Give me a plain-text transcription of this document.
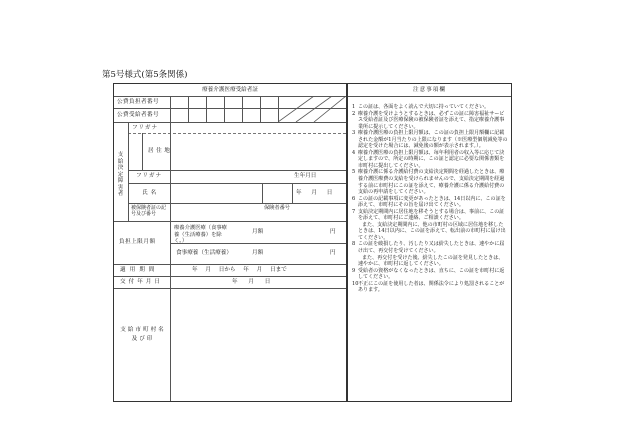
第5号様式(第5条関係)
療養介護医療受給者証
公費負担者番号
公費受給者番号
支給決定障害者
フリガナ
居住地
フリガナ	生年月日
氏名	年 月 日
被保険者証の記号及び番号
保険者番号
負担上限月額
療養介護医療（食事療養（生活療養）を除く。）
月額	円
食事療養（生活療養）	月額	円
適用期間	年 月 日から 年 月 日まで
交付年月日	年 月 日
支給市町村名及び印
注意事項欄

1 この証は、各面をよく読んで大切に持っていてください。

2 療養介護を受けようとするときは、必ずこの証に障害福祉サービス受給者証及び医療保険の被保険者証を添えて、指定療養介護事業所に提示してください。

3 療養介護医療の負担上限月額は、この証の負担上限月額欄に記載された金額が1月当たりの上限になります（※医療型個別減免等の認定を受けた場合には、減免後の額が表示されます。）。

4 療養介護医療の負担上限月額は、毎年利用者の収入等に応じて決定しますので、所定の時期に、この証と認定に必要な関係書類を市町村に提出してください。

5 療養介護に係る介護給付費の支給決定期間を経過したときは、療養介護医療費の支給を受けられませんので、支給決定期間を経過する前に市町村にこの証を添えて、療養介護に係る介護給付費の支給の再申請をしてください。

6 この証の記載事項に変更があったときは、14日以内に、この証を添えて、市町村にその旨を届け出てください。

7 支給決定期間内に居住地を移そうとする場合は、事前に、この証を添えて、市町村にご連絡、ご相談ください。

また、支給決定期間内に、他の市町村の区域に居住地を移したときは、14日以内に、この証を添えて、転出前の市町村に届け出てください。

8 この証を破損したり、汚したり又は紛失したときは、速やかに届け出て、再交付を受けてください。

また、再交付を受けた後、紛失したこの証を発見したときは、速やかに、市町村に返してください。

9 受給者の資格がなくなったときは、直ちに、この証を市町村に返してください。

10 不正にこの証を使用した者は、関係法令により処罰されることがあります。
